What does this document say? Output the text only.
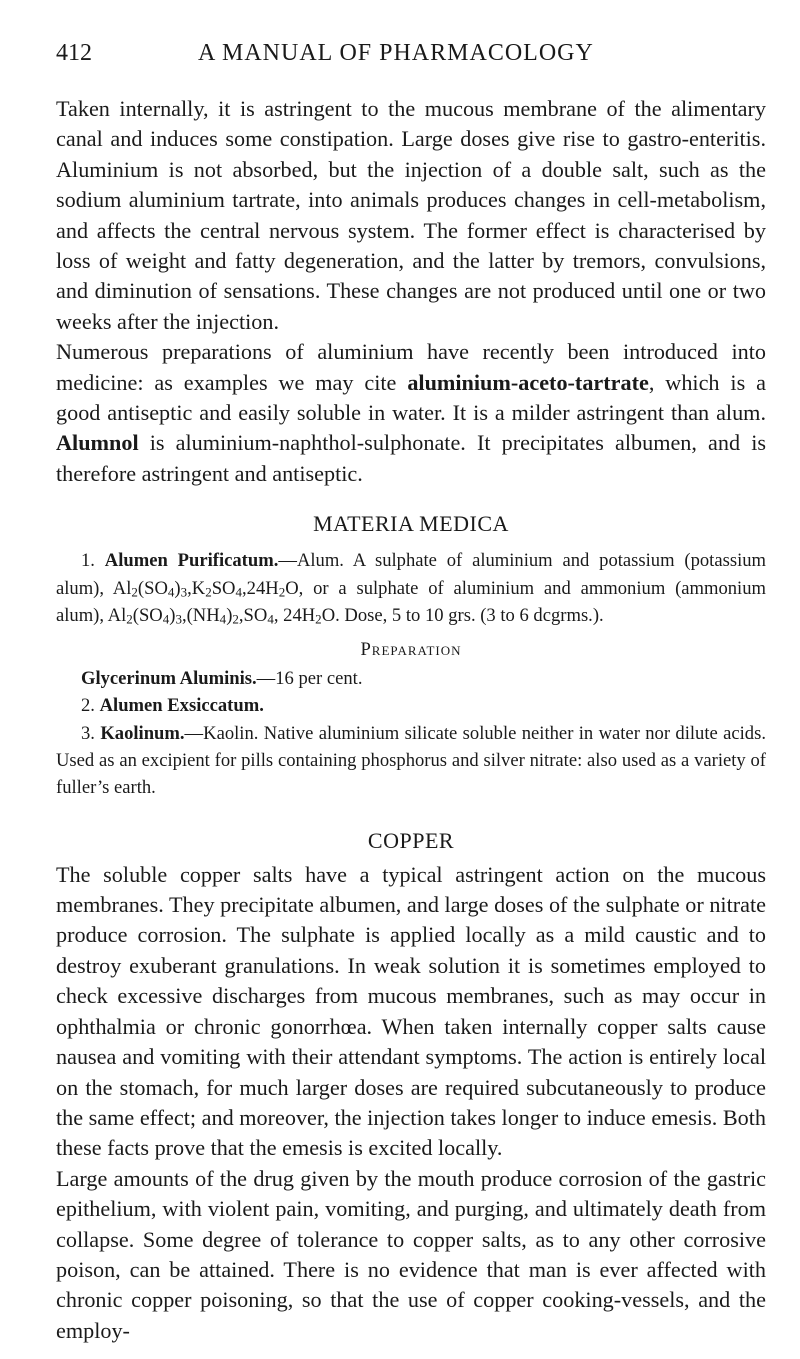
412	A MANUAL OF PHARMACOLOGY

Taken internally, it is astringent to the mucous membrane of the alimentary canal and induces some constipation. Large doses give rise to gastro-enteritis. Aluminium is not absorbed, but the injection of a double salt, such as the sodium aluminium tartrate, into animals produces changes in cell-metabolism, and affects the central nervous system. The former effect is characterised by loss of weight and fatty degeneration, and the latter by tremors, convulsions, and diminution of sensations. These changes are not produced until one or two weeks after the injection.

Numerous preparations of aluminium have recently been introduced into medicine: as examples we may cite aluminium-aceto-tartrate, which is a good antiseptic and easily soluble in water. It is a milder astringent than alum. Alumnol is aluminium-naphthol-sulphonate. It precipitates albumen, and is therefore astringent and antiseptic.

MATERIA MEDICA

1. Alumen Purificatum.—Alum. A sulphate of aluminium and potassium (potassium alum), $Al_2(SO_4)_3,K_2SO_4,24H_2O$, or a sulphate of aluminium and ammonium (ammonium alum), $Al_2(SO_4)_3,(NH_4)_2,SO_4$, $24H_2O$. Dose, 5 to 10 grs. (3 to 6 dcgrms.).

Preparation

Glycerinum Aluminis.—16 per cent.

2. Alumen Exsiccatum.

3. Kaolinum.—Kaolin. Native aluminium silicate soluble neither in water nor dilute acids. Used as an excipient for pills containing phosphorus and silver nitrate: also used as a variety of fuller’s earth.

COPPER

The soluble copper salts have a typical astringent action on the mucous membranes. They precipitate albumen, and large doses of the sulphate or nitrate produce corrosion. The sulphate is applied locally as a mild caustic and to destroy exuberant granulations. In weak solution it is sometimes employed to check excessive discharges from mucous membranes, such as may occur in ophthalmia or chronic gonorrhœa. When taken internally copper salts cause nausea and vomiting with their attendant symptoms. The action is entirely local on the stomach, for much larger doses are required subcutaneously to produce the same effect; and moreover, the injection takes longer to induce emesis. Both these facts prove that the emesis is excited locally.

Large amounts of the drug given by the mouth produce corrosion of the gastric epithelium, with violent pain, vomiting, and purging, and ultimately death from collapse. Some degree of tolerance to copper salts, as to any other corrosive poison, can be attained. There is no evidence that man is ever affected with chronic copper poisoning, so that the use of copper cooking-vessels, and the employ-
